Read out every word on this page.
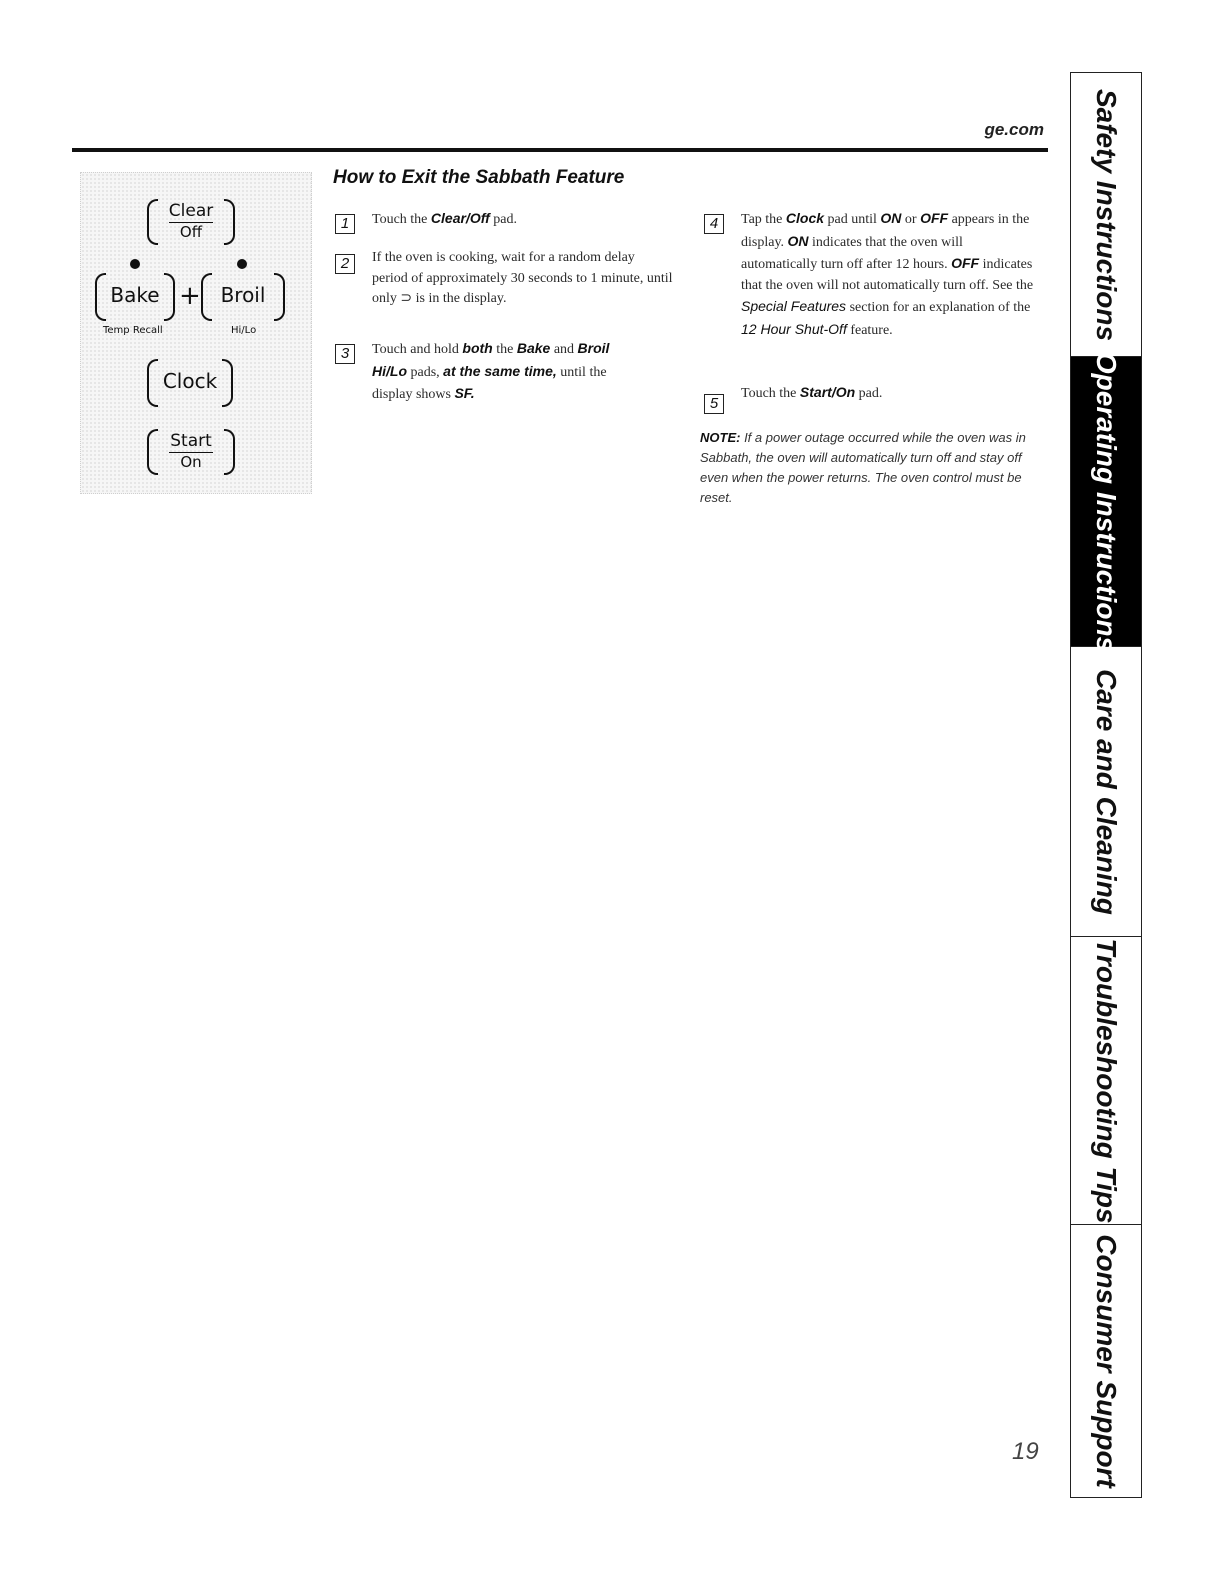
ge.com
Clear
Off
Bake + Broil
Temp Recall	Hi/Lo
Clock
Start
On
How to Exit the Sabbath Feature
1	Touch the Clear/Off pad.
2	If the oven is cooking, wait for a random delay period of approximately 30 seconds to 1 minute, until only ⊃ is in the display.
3	Touch and hold both the Bake and Broil Hi/Lo pads, at the same time, until the display shows SF.
4	Tap the Clock pad until ON or OFF appears in the display. ON indicates that the oven will automatically turn off after 12 hours. OFF indicates that the oven will not automatically turn off. See the Special Features section for an explanation of the 12 Hour Shut-Off feature.
5
Touch the Start/On pad.
NOTE: If a power outage occurred while the oven was in Sabbath, the oven will automatically turn off and stay off even when the power returns. The oven control must be reset.
19
Safety Instructions
Operating Instructions
Care and Cleaning
Troubleshooting Tips
Consumer Support
